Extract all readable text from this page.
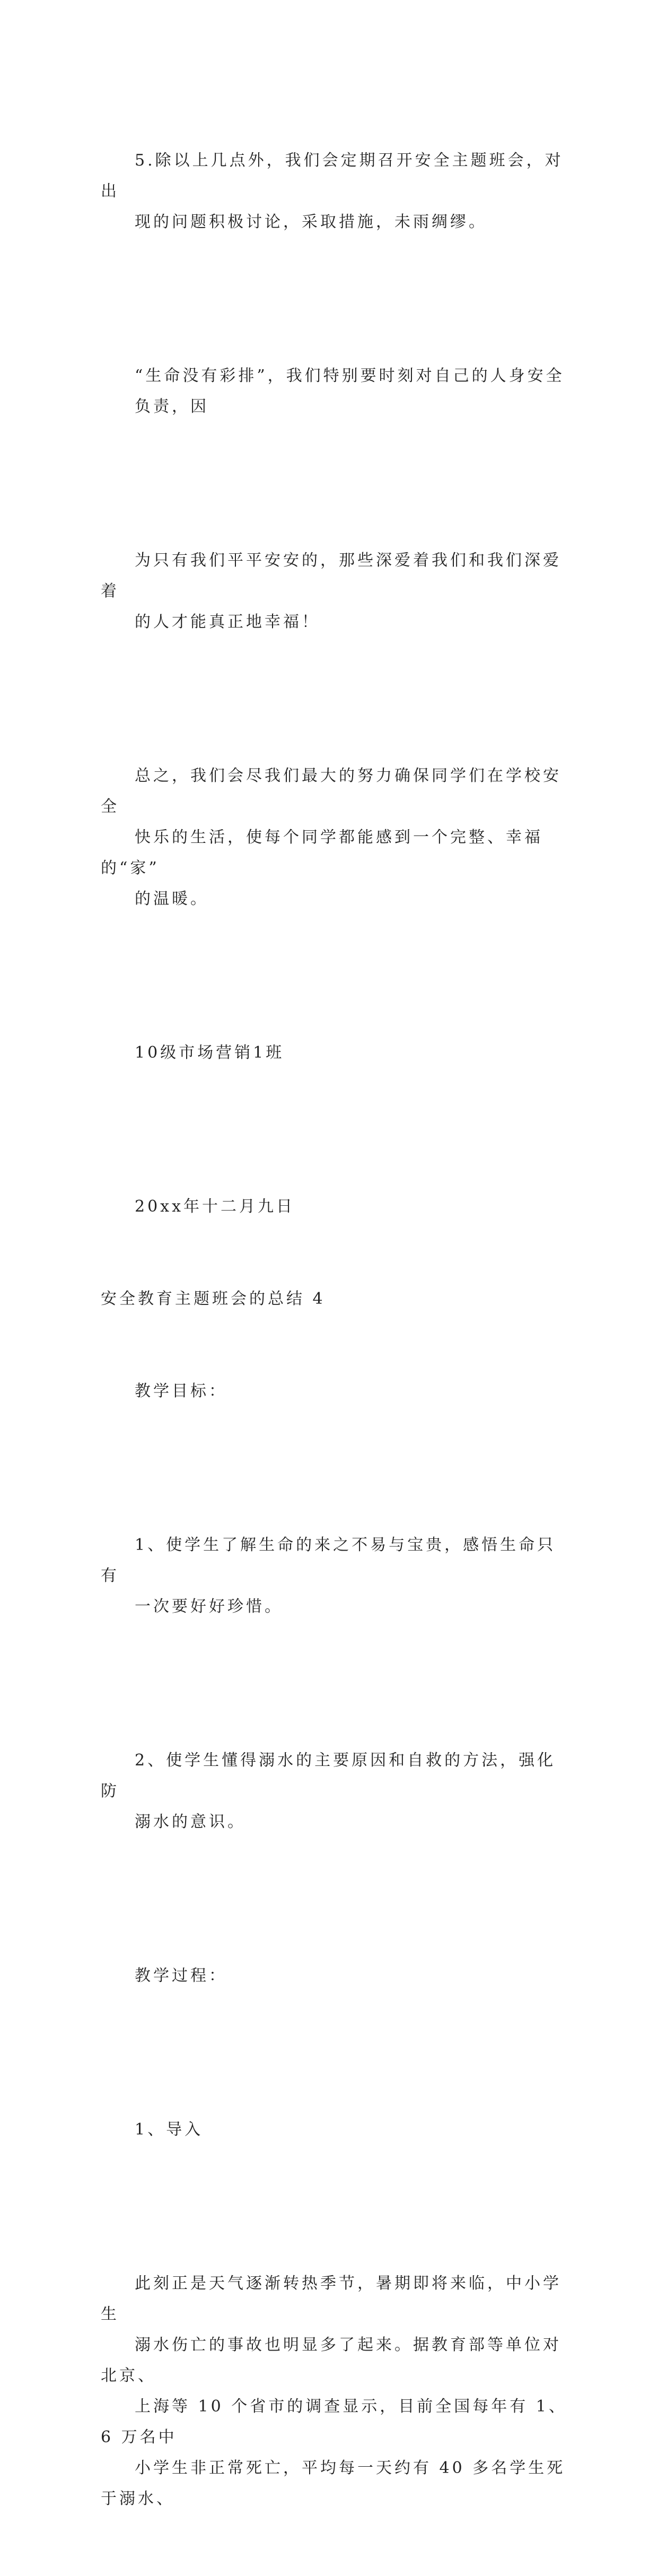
5.除以上几点外，我们会定期召开安全主题班会，对出
现的问题积极讨论，采取措施，未雨绸缪。

“生命没有彩排”，我们特别要时刻对自己的人身安全
负责，因

为只有我们平平安安的，那些深爱着我们和我们深爱着
的人才能真正地幸福！

总之，我们会尽我们最大的努力确保同学们在学校安全
快乐的生活，使每个同学都能感到一个完整、幸福的“家”
的温暖。

10级市场营销1班

20xx年十二月九日

安全教育主题班会的总结 4

教学目标：

1、使学生了解生命的来之不易与宝贵，感悟生命只有
一次要好好珍惜。

2、使学生懂得溺水的主要原因和自救的方法，强化防
溺水的意识。

教学过程：

1、导入

此刻正是天气逐渐转热季节，暑期即将来临，中小学生
溺水伤亡的事故也明显多了起来。据教育部等单位对北京、
上海等 10 个省市的调查显示，目前全国每年有 1、6 万名中
小学生非正常死亡，平均每一天约有 40 多名学生死于溺水、
